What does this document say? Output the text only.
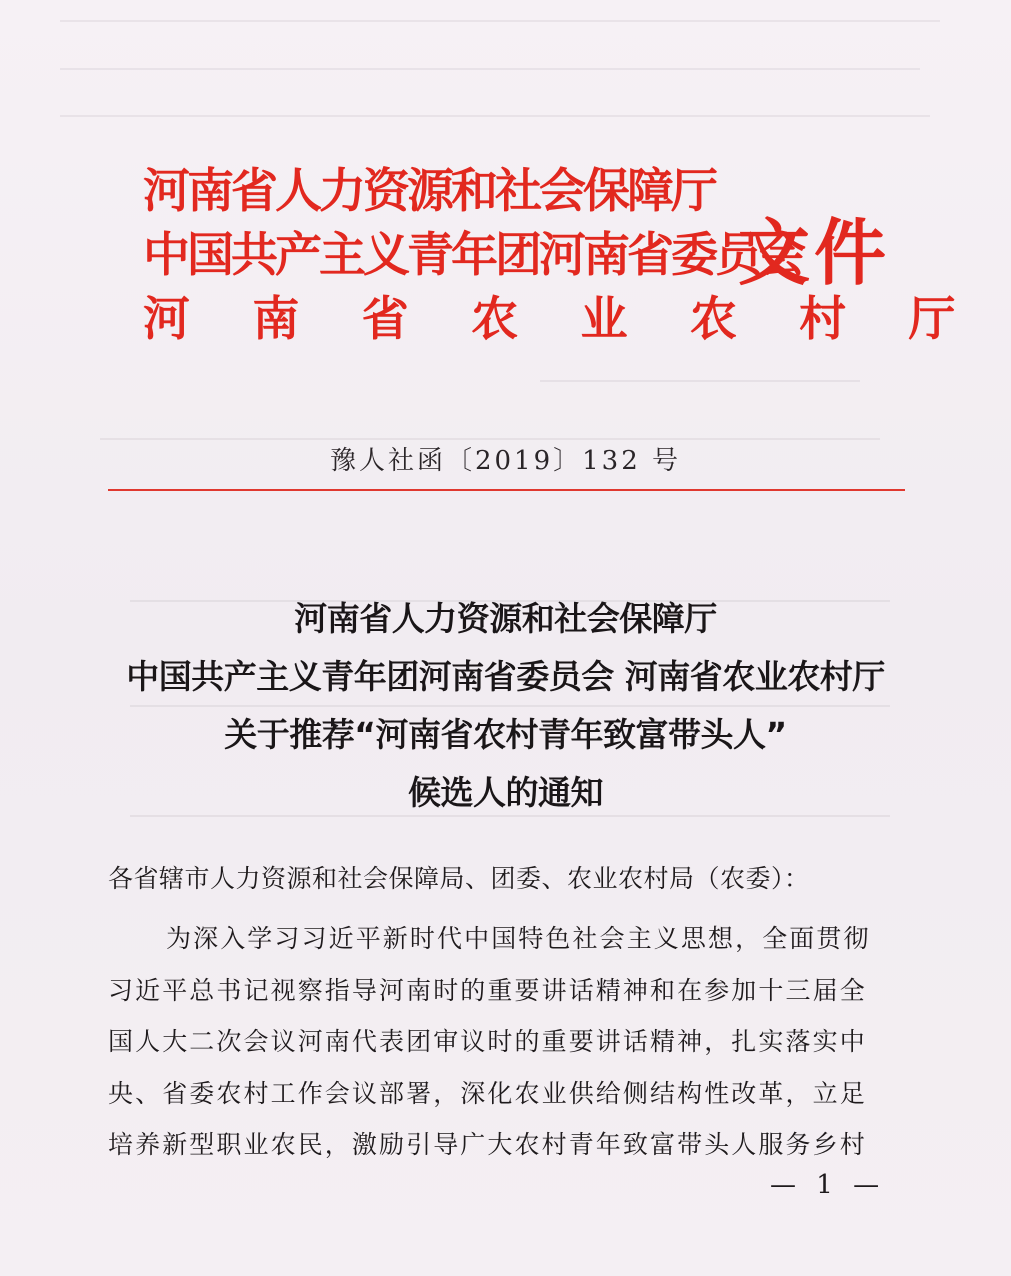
河南省人力资源和社会保障厅
中国共产主义青年团河南省委员会
河 南 省 农 业 农 村 厅
文件
豫人社函〔2019〕132 号
河南省人力资源和社会保障厅
中国共产主义青年团河南省委员会 河南省农业农村厅
关于推荐“河南省农村青年致富带头人”
候选人的通知
各省辖市人力资源和社会保障局、团委、农业农村局（农委）：
为深入学习习近平新时代中国特色社会主义思想，全面贯彻
习近平总书记视察指导河南时的重要讲话精神和在参加十三届全
国人大二次会议河南代表团审议时的重要讲话精神，扎实落实中
央、省委农村工作会议部署，深化农业供给侧结构性改革，立足
培养新型职业农民，激励引导广大农村青年致富带头人服务乡村
— 1 —
